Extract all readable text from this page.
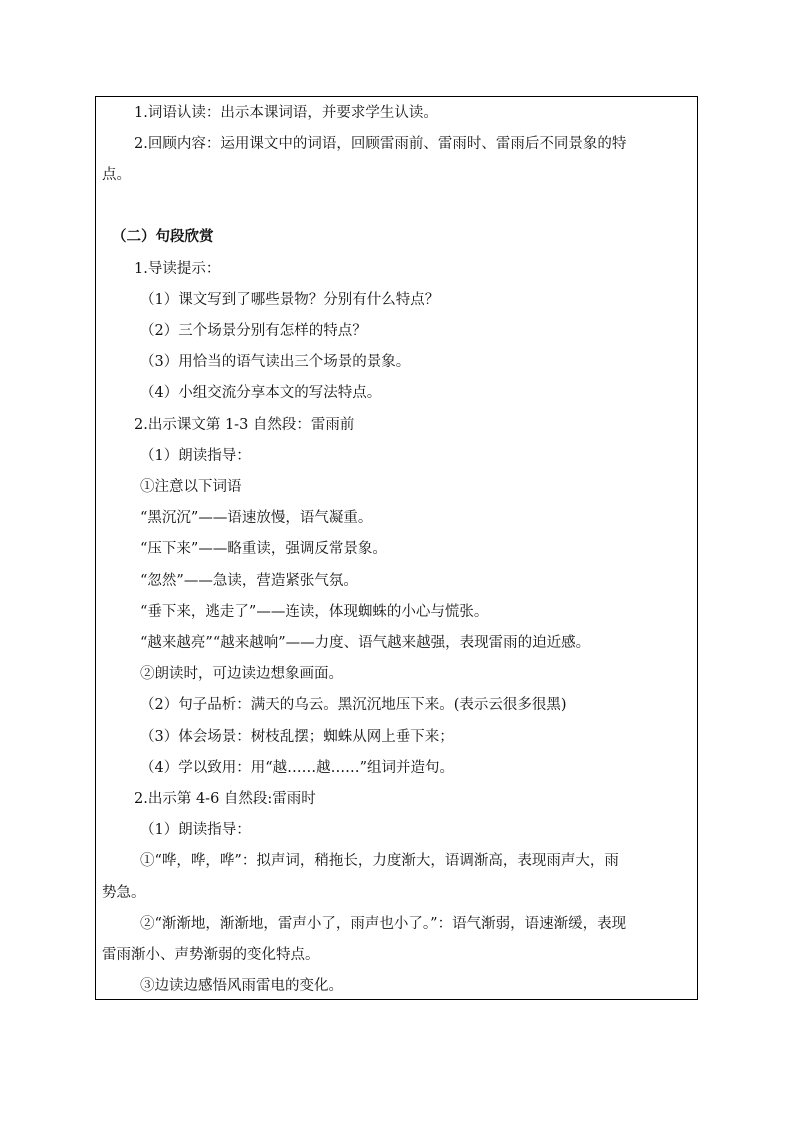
1.词语认读：出示本课词语，并要求学生认读。
2.回顾内容：运用课文中的词语，回顾雷雨前、雷雨时、雷雨后不同景象的特
点。
（二）句段欣赏
1.导读提示：
（1）课文写到了哪些景物？分别有什么特点？
（2）三个场景分别有怎样的特点？
（3）用恰当的语气读出三个场景的景象。
（4）小组交流分享本文的写法特点。
2.出示课文第 1-3 自然段：雷雨前
（1）朗读指导：
①注意以下词语
“黑沉沉”——语速放慢，语气凝重。
“压下来”——略重读，强调反常景象。
“忽然”——急读，营造紧张气氛。
“垂下来，逃走了”——连读，体现蜘蛛的小心与慌张。
“越来越亮”“越来越响”——力度、语气越来越强，表现雷雨的迫近感。
②朗读时，可边读边想象画面。
（2）句子品析：满天的乌云。黑沉沉地压下来。(表示云很多很黑)
（3）体会场景：树枝乱摆；蜘蛛从网上垂下来；
（4）学以致用：用“越……越……”组词并造句。
2.出示第 4-6 自然段:雷雨时
（1）朗读指导：
①“哗，哗，哗”：拟声词，稍拖长，力度渐大，语调渐高，表现雨声大，雨
势急。
②“渐渐地，渐渐地，雷声小了，雨声也小了。”：语气渐弱，语速渐缓，表现
雷雨渐小、声势渐弱的变化特点。
③边读边感悟风雨雷电的变化。
